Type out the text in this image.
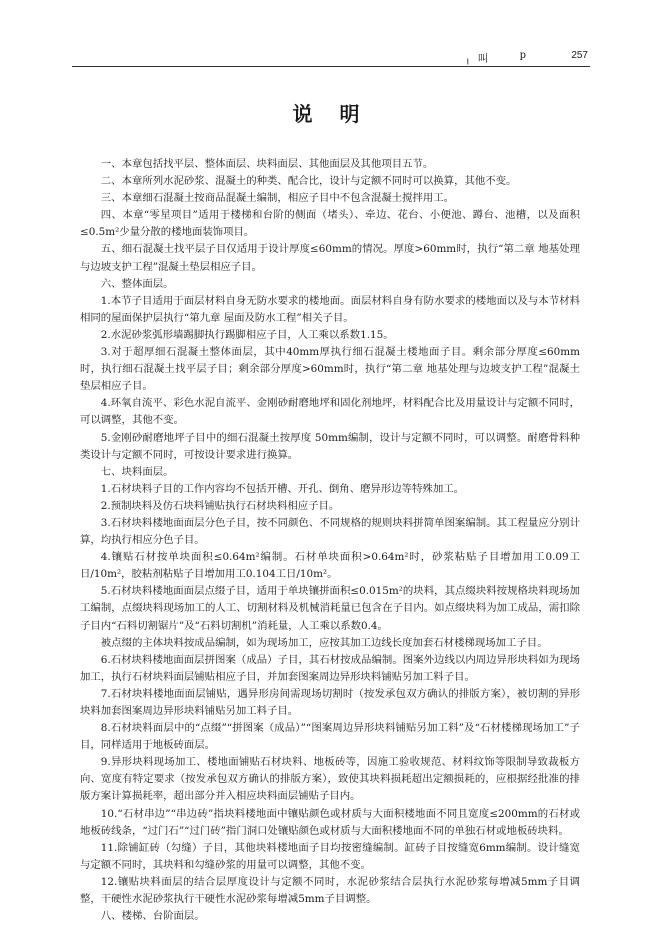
╷ 叫	p	257
说 明

一、本章包括找平层、整体面层、块料面层、其他面层及其他项目五节。

二、本章所列水泥砂浆、混凝土的种类、配合比，设计与定额不同时可以换算，其他不变。

三、本章细石混凝土按商品混凝土编制，相应子目中不包含混凝土搅拌用工。

四、本章“零星项目”适用于楼梯和台阶的侧面（堵头）、牵边、花台、小便池、蹲台、池槽，以及面积≤0.5m²少量分散的楼地面装饰项目。

五、细石混凝土找平层子目仅适用于设计厚度≤60mm的情况。厚度>60mm时，执行“第二章 地基处理与边坡支护工程”混凝土垫层相应子目。

六、整体面层。

1.本节子目适用于面层材料自身无防水要求的楼地面。面层材料自身有防水要求的楼地面以及与本节材料相同的屋面保护层执行“第九章 屋面及防水工程”相关子目。

2.水泥砂浆弧形墙踢脚执行踢脚相应子目，人工乘以系数1.15。

3.对于超厚细石混凝土整体面层，其中40mm厚执行细石混凝土楼地面子目。剩余部分厚度≤60mm时，执行细石混凝土找平层子目；剩余部分厚度>60mm时，执行“第二章 地基处理与边坡支护工程”混凝土垫层相应子目。

4.环氧自流平、彩色水泥自流平、金刚砂耐磨地坪和固化剂地坪，材料配合比及用量设计与定额不同时，可以调整，其他不变。

5.金刚砂耐磨地坪子目中的细石混凝土按厚度 50mm编制，设计与定额不同时，可以调整。耐磨骨料种类设计与定额不同时，可按设计要求进行换算。

七、块料面层。

1.石材块料子目的工作内容均不包括开槽、开孔、倒角、磨异形边等特殊加工。

2.预制块料及仿石块料铺贴执行石材块料相应子目。

3.石材块料楼地面面层分色子目，按不同颜色、不同规格的规则块料拼简单图案编制。其工程量应分别计算，均执行相应分色子目。

4.镶贴石材按单块面积≤0.64m²编制。石材单块面积>0.64m²时，砂浆粘贴子目增加用工0.09工日/10m²，胶粘剂粘贴子目增加用工0.104工日/10m²。

5.石材块料楼地面面层点缀子目，适用于单块镶拼面积≤0.015m²的块料，其点缀块料按规格块料现场加工编制，点缀块料现场加工的人工、切割材料及机械消耗量已包含在子目内。如点缀块料为加工成品，需扣除子目内“石料切割锯片”及“石料切割机”消耗量，人工乘以系数0.4。

被点缀的主体块料按成品编制，如为现场加工，应按其加工边线长度加套石材楼梯现场加工子目。

6.石材块料楼地面面层拼图案（成品）子目，其石材按成品编制。图案外边线以内周边异形块料如为现场加工，执行石材块料面层铺贴相应子目，并加套图案周边异形块料铺贴另加工料子目。

7.石材块料楼地面面层铺贴，遇异形房间需现场切割时（按发承包双方确认的排版方案），被切割的异形块料加套图案周边异形块料铺贴另加工料子目。

8.石材块料面层中的“点缀”“拼图案（成品）”“图案周边异形块料铺贴另加工料”及“石材楼梯现场加工”子目，同样适用于地板砖面层。

9.异形块料现场加工、楼地面铺贴石材块料、地板砖等，因施工验收规范、材料纹饰等限制导致裁板方向、宽度有特定要求（按发承包双方确认的排版方案），致使其块料损耗超出定额损耗的，应根据经批准的排版方案计算损耗率，超出部分并入相应块料面层铺贴子目内。

10.“石材串边”“串边砖”指块料楼地面中镶贴颜色或材质与大面积楼地面不同且宽度≤200mm的石材或地板砖线条，“过门石”“过门砖”指门洞口处镶贴颜色或材质与大面积楼地面不同的单独石材或地板砖块料。

11.除铺缸砖（勾缝）子目，其他块料楼地面子目均按密缝编制。缸砖子目按缝宽6mm编制。设计缝宽与定额不同时，其块料和勾缝砂浆的用量可以调整，其他不变。

12.镶贴块料面层的结合层厚度设计与定额不同时，水泥砂浆结合层执行水泥砂浆每增减5mm子目调整，干硬性水泥砂浆执行干硬性水泥砂浆每增减5mm子目调整。

八、楼梯、台阶面层。
